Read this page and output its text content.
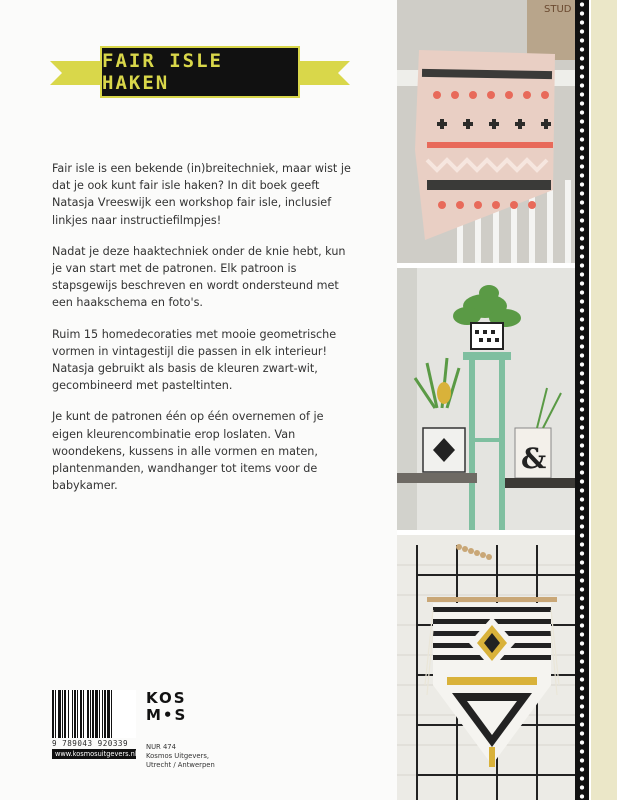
FAIR ISLE HAKEN

Fair isle is een bekende (in)breitechniek, maar wist je dat je ook kunt fair isle haken? In dit boek geeft Natasja Vreeswijk een workshop fair isle, inclusief linkjes naar instructiefilmpjes!

Nadat je deze haaktechniek onder de knie hebt, kun je van start met de patronen. Elk patroon is stapsgewijs beschreven en wordt ondersteund met een haakschema en foto's.

Ruim 15 homedecoraties met mooie geometrische vormen in vintagestijl die passen in elk interieur! Natasja gebruikt als basis de kleuren zwart-wit, gecombineerd met pasteltinten.

Je kunt de patronen één op één overnemen of je eigen kleurencombinatie erop loslaten. Van woondekens, kussens in alle vormen en maten, plantenmanden, wandhanger tot items voor de babykamer.

9 789043 920339
www.kosmosuitgevers.nl
KOS
M•S
NUR 474
Kosmos Uitgevers,
Utrecht / Antwerpen
STUD
&
